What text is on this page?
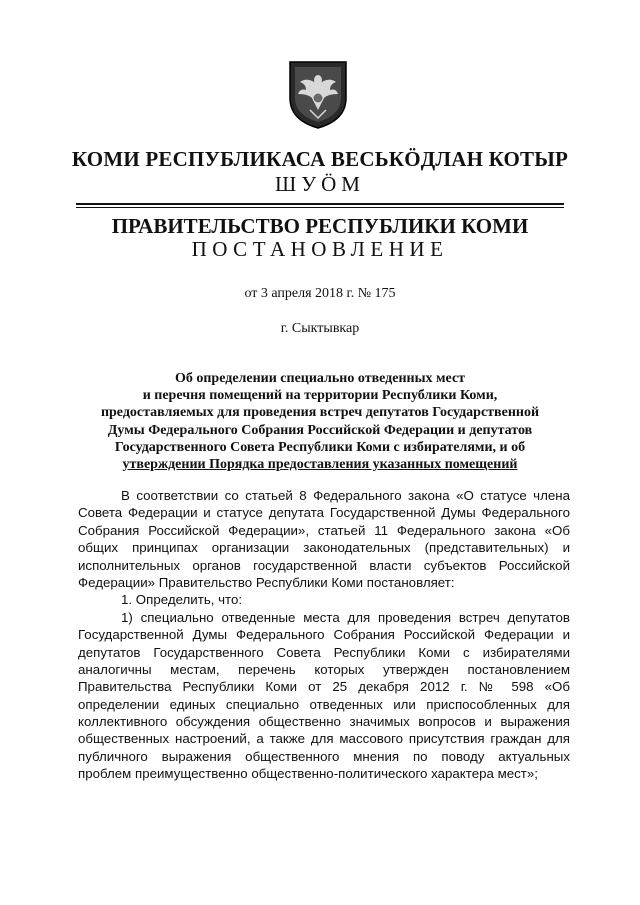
КОМИ РЕСПУБЛИКАСА ВЕСЬКӦДЛАН КОТЫР
ШУÖМ
ПРАВИТЕЛЬСТВО РЕСПУБЛИКИ КОМИ
ПОСТАНОВЛЕНИЕ
от 3 апреля 2018 г. № 175
г. Сыктывкар
Об определении специально отведенных мест
и перечня помещений на территории Республики Коми,
предоставляемых для проведения встреч депутатов Государственной
Думы Федерального Собрания Российской Федерации и депутатов
Государственного Совета Республики Коми с избирателями, и об
утверждении Порядка предоставления указанных помещений
В соответствии со статьей 8 Федерального закона «О статусе члена
Совета Федерации и статусе депутата Государственной Думы Федерального
Собрания Российской Федерации», статьей 11 Федерального закона «Об
общих принципах организации законодательных (представительных) и
исполнительных органов государственной власти субъектов Российской
Федерации» Правительство Республики Коми постановляет:
1. Определить, что:
1) специально отведенные места для проведения встреч депутатов
Государственной Думы Федерального Собрания Российской Федерации и
депутатов Государственного Совета Республики Коми с избирателями
аналогичны местам, перечень которых утвержден постановлением
Правительства Республики Коми от 25 декабря 2012 г. № 598 «Об
определении единых специально отведенных или приспособленных для
коллективного обсуждения общественно значимых вопросов и выражения
общественных настроений, а также для массового присутствия граждан для
публичного выражения общественного мнения по поводу актуальных
проблем преимущественно общественно-политического характера мест»;
